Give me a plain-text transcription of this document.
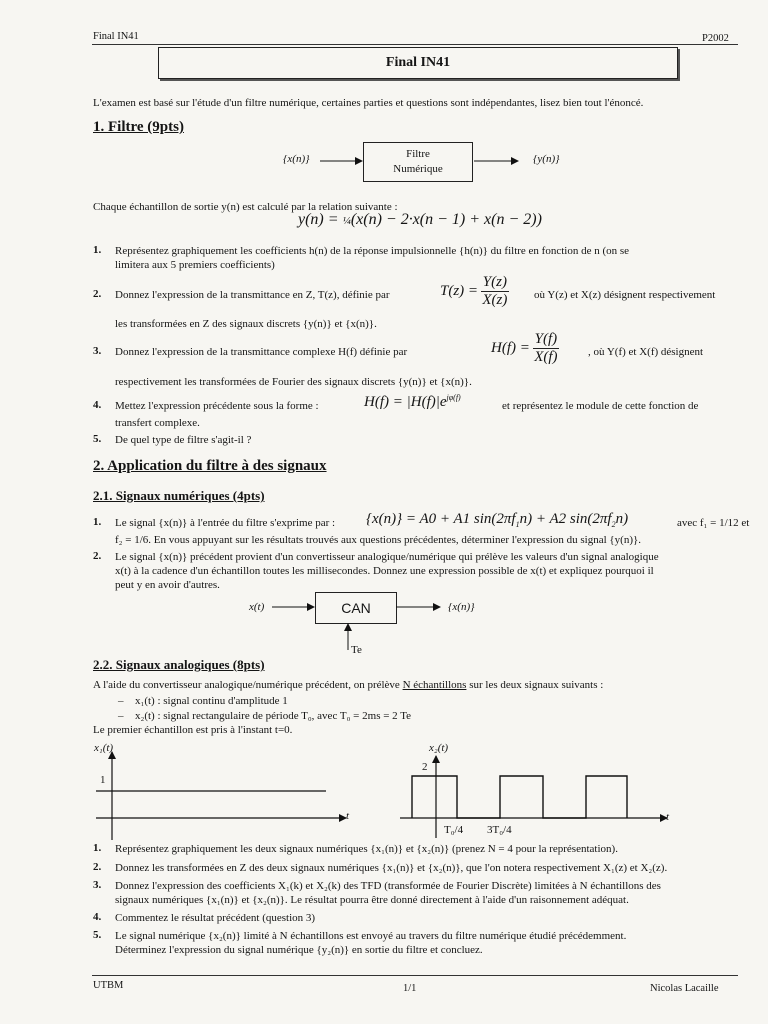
Final IN41	P2002
Final IN41
L'examen est basé sur l'étude d'un filtre numérique, certaines parties et questions sont indépendantes, lisez bien tout l'énoncé.
1. Filtre (9pts)
{x(n)}	Filtre
Numérique
{y(n)}
Chaque échantillon de sortie y(n) est calculé par la relation suivante :
y(n) = ¼(x(n) − 2·x(n − 1) + x(n − 2))
1. Représentez graphiquement les coefficients h(n) de la réponse impulsionnelle {h(n)} du filtre en fonction de n (on se
limitera aux 5 premiers coefficients)
2. Donnez l'expression de la transmittance en Z, T(z), définie par	$T(z) = \frac{Y(z)}{X(z)}$ où Y(z) et X(z) désignent respectivement
les transformées en Z des signaux discrets {y(n)} et {x(n)}.
3. Donnez l'expression de la transmittance complexe H(f) définie par	$H(f) = \frac{Y(f)}{X(f)}$	, où Y(f) et X(f) désignent
respectivement les transformées de Fourier des signaux discrets {y(n)} et {x(n)}.
4. Mettez l'expression précédente sous la forme :	$H(f) = |H(f)|e^{j\varphi(f)}$
et représentez le module de cette fonction de
transfert complexe.
5. De quel type de filtre s'agit-il ?
2. Application du filtre à des signaux
2.1. Signaux numériques (4pts)
1. Le signal {x(n)} à l'entrée du filtre s'exprime par : {x(n)} = A0 + A1 $\sin(2\pi f_1n) + A2$ $\sin(2\pi f_2n)$	avec f₁ = 1/12 et
f₂ = 1/6. En vous appuyant sur les résultats trouvés aux questions précédentes, déterminer l'expression du signal {y(n)}.
2. Le signal {x(n)} précédent provient d'un convertisseur analogique/numérique qui prélève les valeurs d'un signal analogique
x(t) à la cadence d'un échantillon toutes les millisecondes. Donnez une expression possible de x(t) et expliquez pourquoi il
peut y en avoir d'autres.
x(t)	CAN	{x(n)}
Te
2.2. Signaux analogiques (8pts)
A l'aide du convertisseur analogique/numérique précédent, on prélève N échantillons sur les deux signaux suivants :
– x₁(t) : signal continu d'amplitude 1
– x₂(t) : signal rectangulaire de période T₀, avec T₀ = 2ms = 2 Te
Le premier échantillon est pris à l'instant t=0.
x₁(t)
1
t
x₂(t)
2
t
T₀/4 3T₀/4
1. Représentez graphiquement les deux signaux numériques {x₁(n)} et {x₂(n)} (prenez N = 4 pour la représentation).
2. Donnez les transformées en Z des deux signaux numériques {x₁(n)} et {x₂(n)}, que l'on notera respectivement X₁(z) et X₂(z).
3. Donnez l'expression des coefficients X₁(k) et X₂(k) des TFD (transformée de Fourier Discrète) limitées à N échantillons des
signaux numériques {x₁(n)} et {x₂(n)}. Le résultat pourra être donné directement à l'aide d'un raisonnement adéquat.
4. Commentez le résultat précédent (question 3)
5. Le signal numérique {x₂(n)} limité à N échantillons est envoyé au travers du filtre numérique étudié précédemment.
Déterminez l'expression du signal numérique {y₂(n)} en sortie du filtre et concluez.
UTBM	1/1	Nicolas Lacaille
